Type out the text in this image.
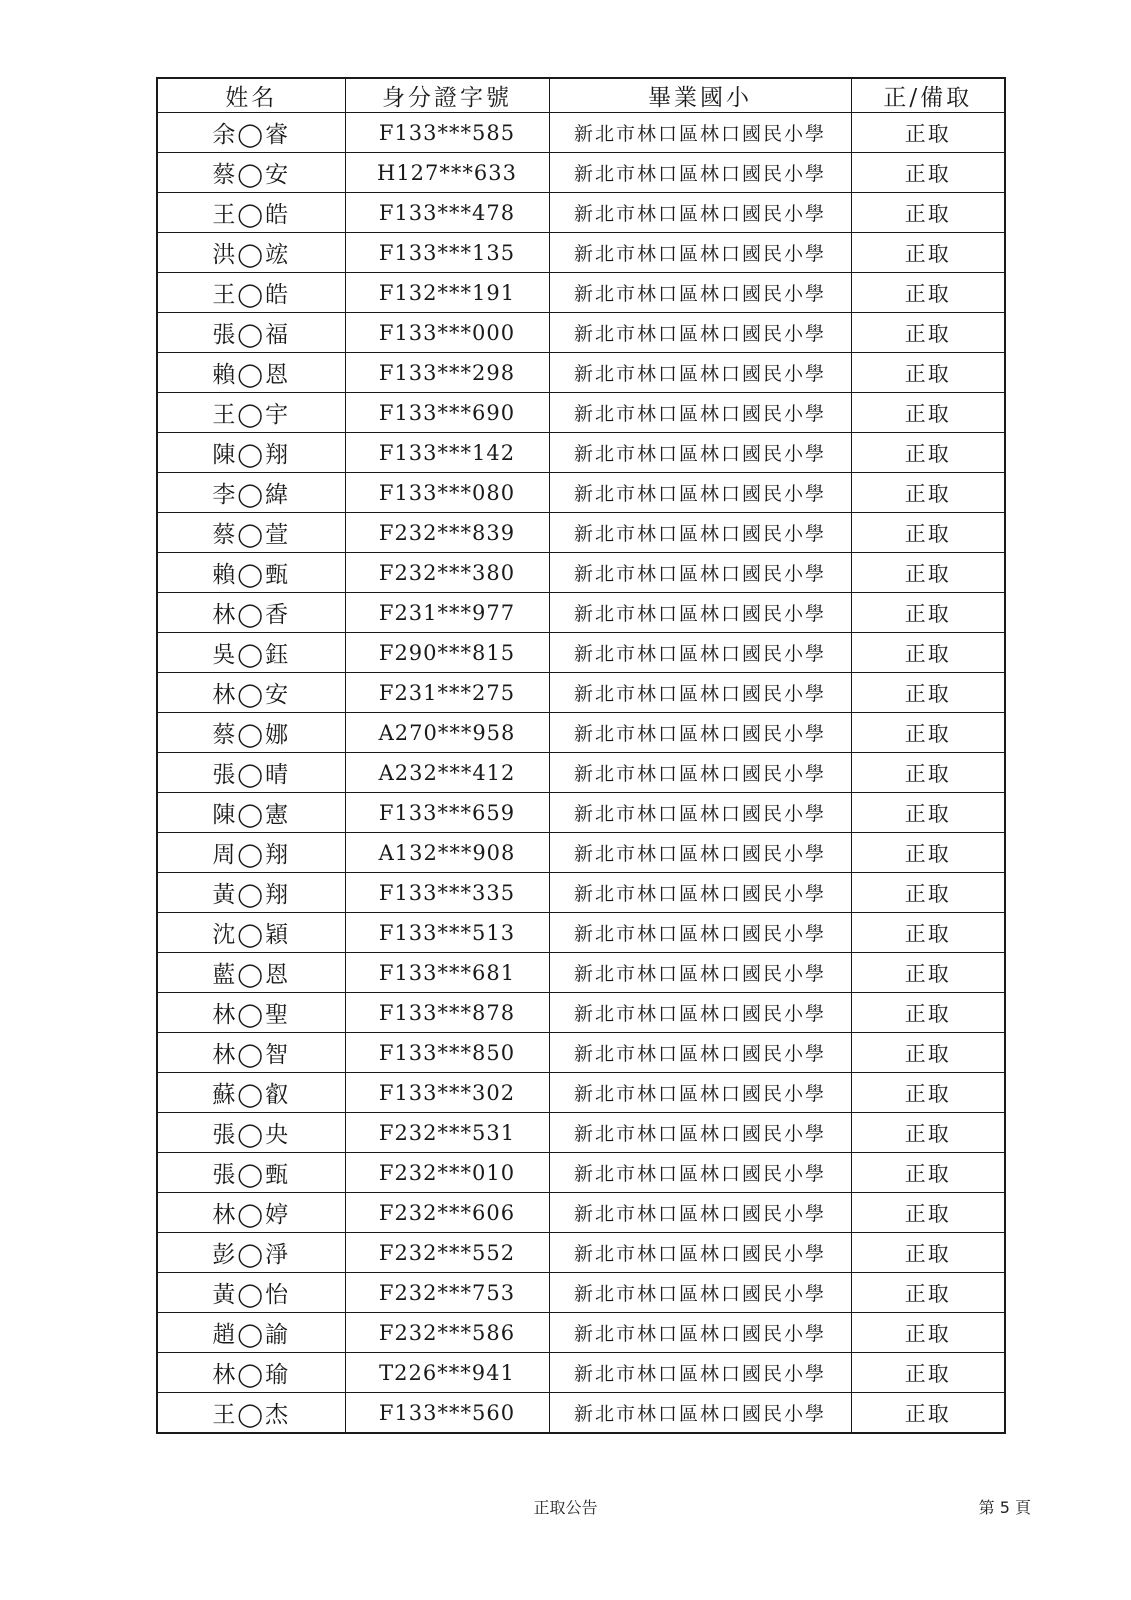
姓名	身分證字號	畢業國小	正/備取
余◯睿	F133***585	新北市林口區林口國民小學	正取
蔡◯安	H127***633	新北市林口區林口國民小學	正取
王◯皓	F133***478	新北市林口區林口國民小學	正取
洪◯竤	F133***135	新北市林口區林口國民小學	正取
王◯皓	F132***191	新北市林口區林口國民小學	正取
張◯福	F133***000	新北市林口區林口國民小學	正取
賴◯恩	F133***298	新北市林口區林口國民小學	正取
王◯宇	F133***690	新北市林口區林口國民小學	正取
陳◯翔	F133***142	新北市林口區林口國民小學	正取
李◯緯	F133***080	新北市林口區林口國民小學	正取
蔡◯萱	F232***839	新北市林口區林口國民小學	正取
賴◯甄	F232***380	新北市林口區林口國民小學	正取
林◯香	F231***977	新北市林口區林口國民小學	正取
吳◯鈺	F290***815	新北市林口區林口國民小學	正取
林◯安	F231***275	新北市林口區林口國民小學	正取
蔡◯娜	A270***958	新北市林口區林口國民小學	正取
張◯晴	A232***412	新北市林口區林口國民小學	正取
陳◯憲	F133***659	新北市林口區林口國民小學	正取
周◯翔	A132***908	新北市林口區林口國民小學	正取
黃◯翔	F133***335	新北市林口區林口國民小學	正取
沈◯穎	F133***513	新北市林口區林口國民小學	正取
藍◯恩	F133***681	新北市林口區林口國民小學	正取
林◯聖	F133***878	新北市林口區林口國民小學	正取
林◯智	F133***850	新北市林口區林口國民小學	正取
蘇◯叡	F133***302	新北市林口區林口國民小學	正取
張◯央	F232***531	新北市林口區林口國民小學	正取
張◯甄	F232***010	新北市林口區林口國民小學	正取
林◯婷	F232***606	新北市林口區林口國民小學	正取
彭◯淨	F232***552	新北市林口區林口國民小學	正取
黃◯怡	F232***753	新北市林口區林口國民小學	正取
趙◯諭	F232***586	新北市林口區林口國民小學	正取
林◯瑜	T226***941	新北市林口區林口國民小學	正取
王◯杰	F133***560	新北市林口區林口國民小學	正取
正取公告	第 5 頁
